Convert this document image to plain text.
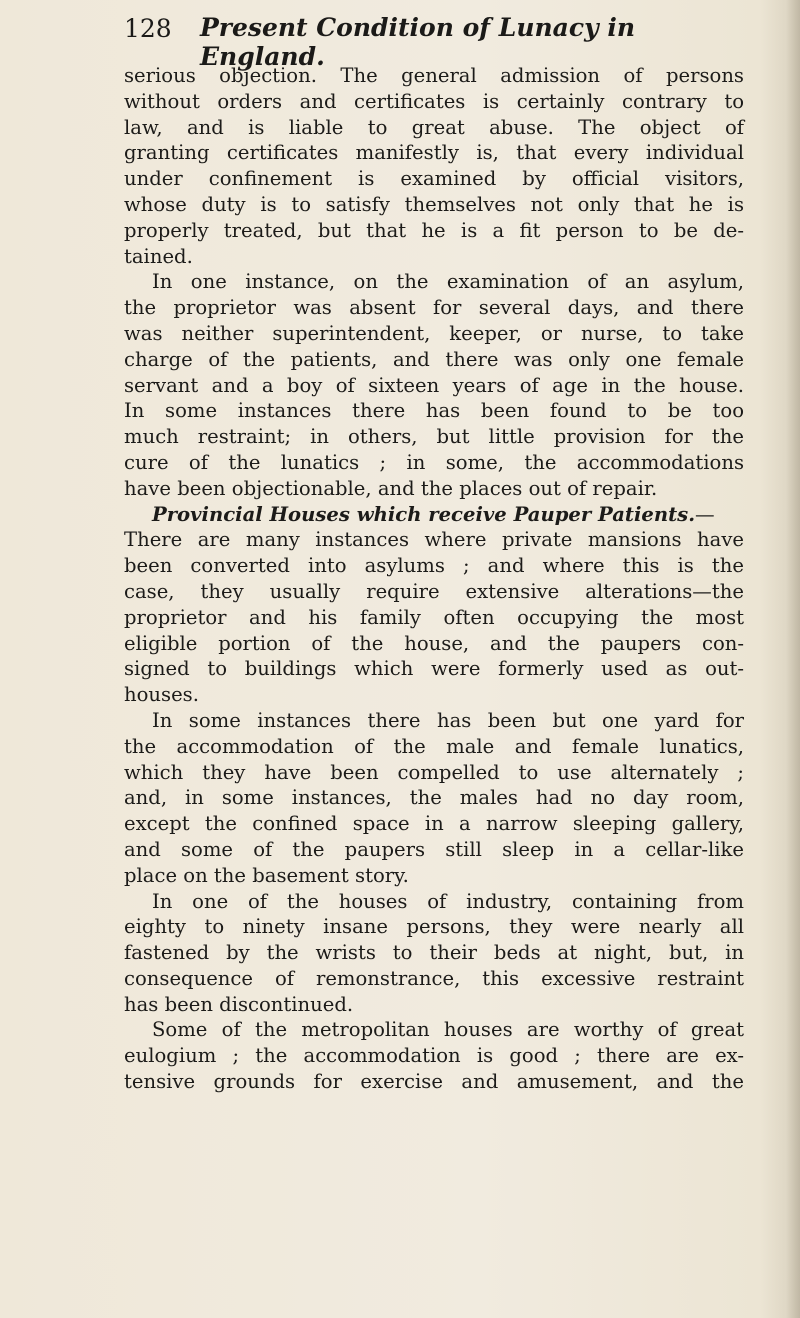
128 Present Condition of Lunacy in England.
serious objection. The general admission of persons
without orders and certificates is certainly contrary to
law, and is liable to great abuse. The object of
granting certificates manifestly is, that every individual
under confinement is examined by official visitors,
whose duty is to satisfy themselves not only that he is
properly treated, but that he is a fit person to be de-
tained.
In one instance, on the examination of an asylum,
the proprietor was absent for several days, and there
was neither superintendent, keeper, or nurse, to take
charge of the patients, and there was only one female
servant and a boy of sixteen years of age in the house.
In some instances there has been found to be too
much restraint; in others, but little provision for the
cure of the lunatics ; in some, the accommodations
have been objectionable, and the places out of repair.
Provincial Houses which receive Pauper Patients.—
There are many instances where private mansions have
been converted into asylums ; and where this is the
case, they usually require extensive alterations—the
proprietor and his family often occupying the most
eligible portion of the house, and the paupers con-
signed to buildings which were formerly used as out-
houses.
In some instances there has been but one yard for
the accommodation of the male and female lunatics,
which they have been compelled to use alternately ;
and, in some instances, the males had no day room,
except the confined space in a narrow sleeping gallery,
and some of the paupers still sleep in a cellar-like
place on the basement story.
In one of the houses of industry, containing from
eighty to ninety insane persons, they were nearly all
fastened by the wrists to their beds at night, but, in
consequence of remonstrance, this excessive restraint
has been discontinued.
Some of the metropolitan houses are worthy of great
eulogium ; the accommodation is good ; there are ex-
tensive grounds for exercise and amusement, and the
